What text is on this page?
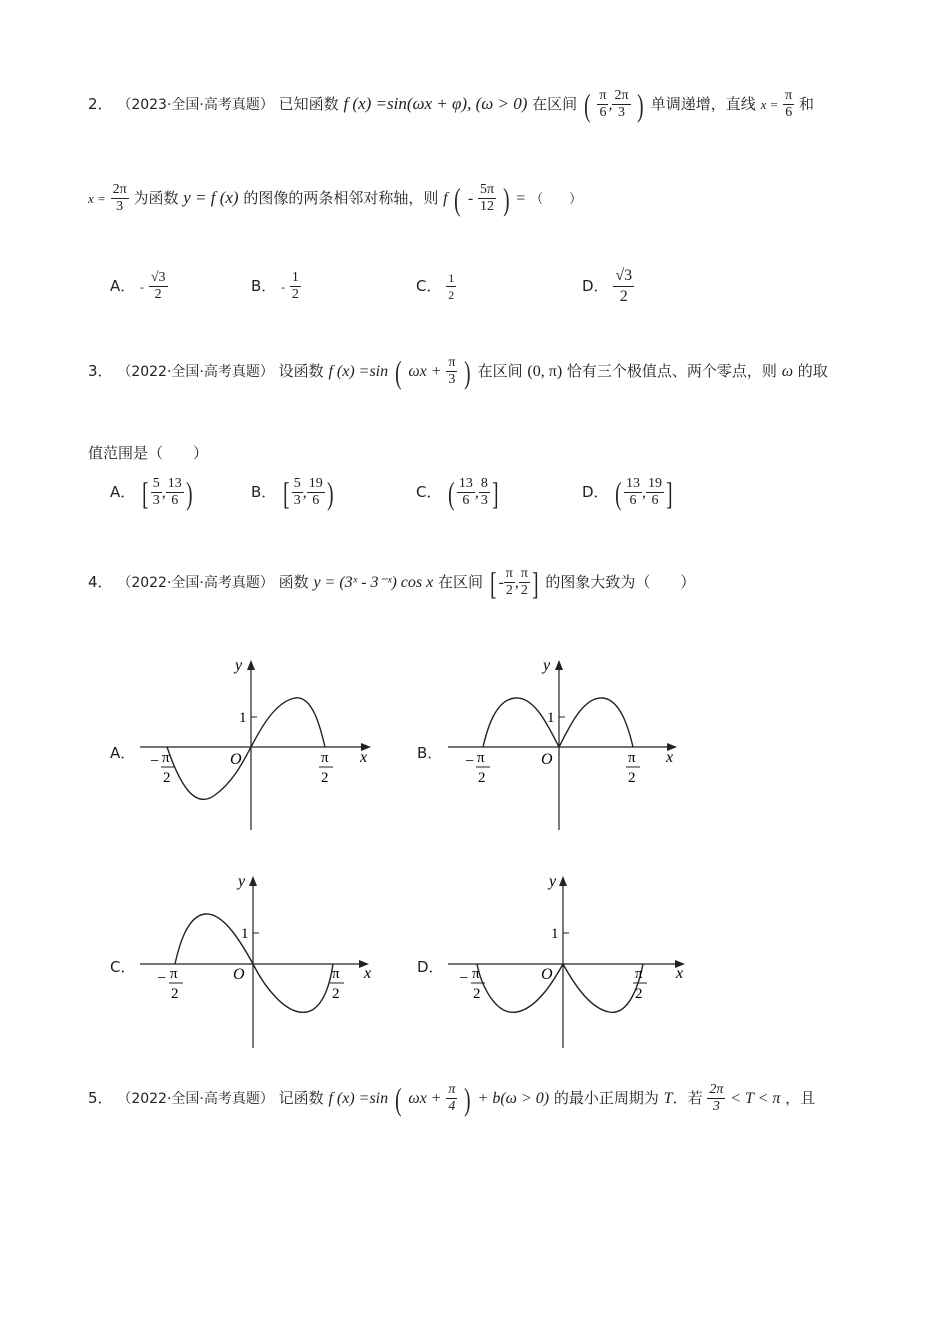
2． （2023·全国·高考真题） 已知函数 f (x) =sin(ωx + φ), (ω > 0) 在区间 ( $\frac{\pi}{6}$ , $\frac{2\pi}{3}$ ) 单调递增，直线 $x = \frac{\pi}{6}$ 和
$x = \frac{2\pi}{3}$ 为函数 y = f (x) 的图像的两条相邻对称轴，则 f ( - $\frac{5\pi}{12}$ ) = （　　）
A． - $\frac{√3}{2}$	B． - $\frac{1}{2}$	C． $\frac{1}{2}$	D． $\frac{√3}{2}$
3． （2022·全国·高考真题） 设函数 f (x) =sin ( $\omega x + \frac{\pi}{3}$ ) 在区间 (0, π) 恰有三个极值点、两个零点，则 ω 的取
值范围是（　　）
A． [ $\frac{5}{3}$ , $\frac{13}{6}$ )	B． [ $\frac{5}{3}$ , $\frac{19}{6}$ )	C． ( $\frac{13}{6}$ , $\frac{8}{3}$ ]	D． ( $\frac{13}{6}$ , $\frac{19}{6}$ ]
4． （2022·全国·高考真题） 函数 y = (3ˣ - 3⁻ˣ) cos x 在区间 [ - $\frac{\pi}{2}$ , $\frac{\pi}{2}$ ] 的图象大致为（　　）
A．	B．
C．	D．
y
x
O
1
− π
2
π
2
y
x
O
1
− π
2
π
2
y
x
O
1
− π
2
π
2
y
x
O
1
− π
2
π
2
5． （2022·全国·高考真题） 记函数 f (x) =sin ( $\omega x + \frac{\pi}{4}$ ) + b(ω > 0) 的最小正周期为 T．若 $\frac{2\pi}{3} < T < \pi$ ，且
